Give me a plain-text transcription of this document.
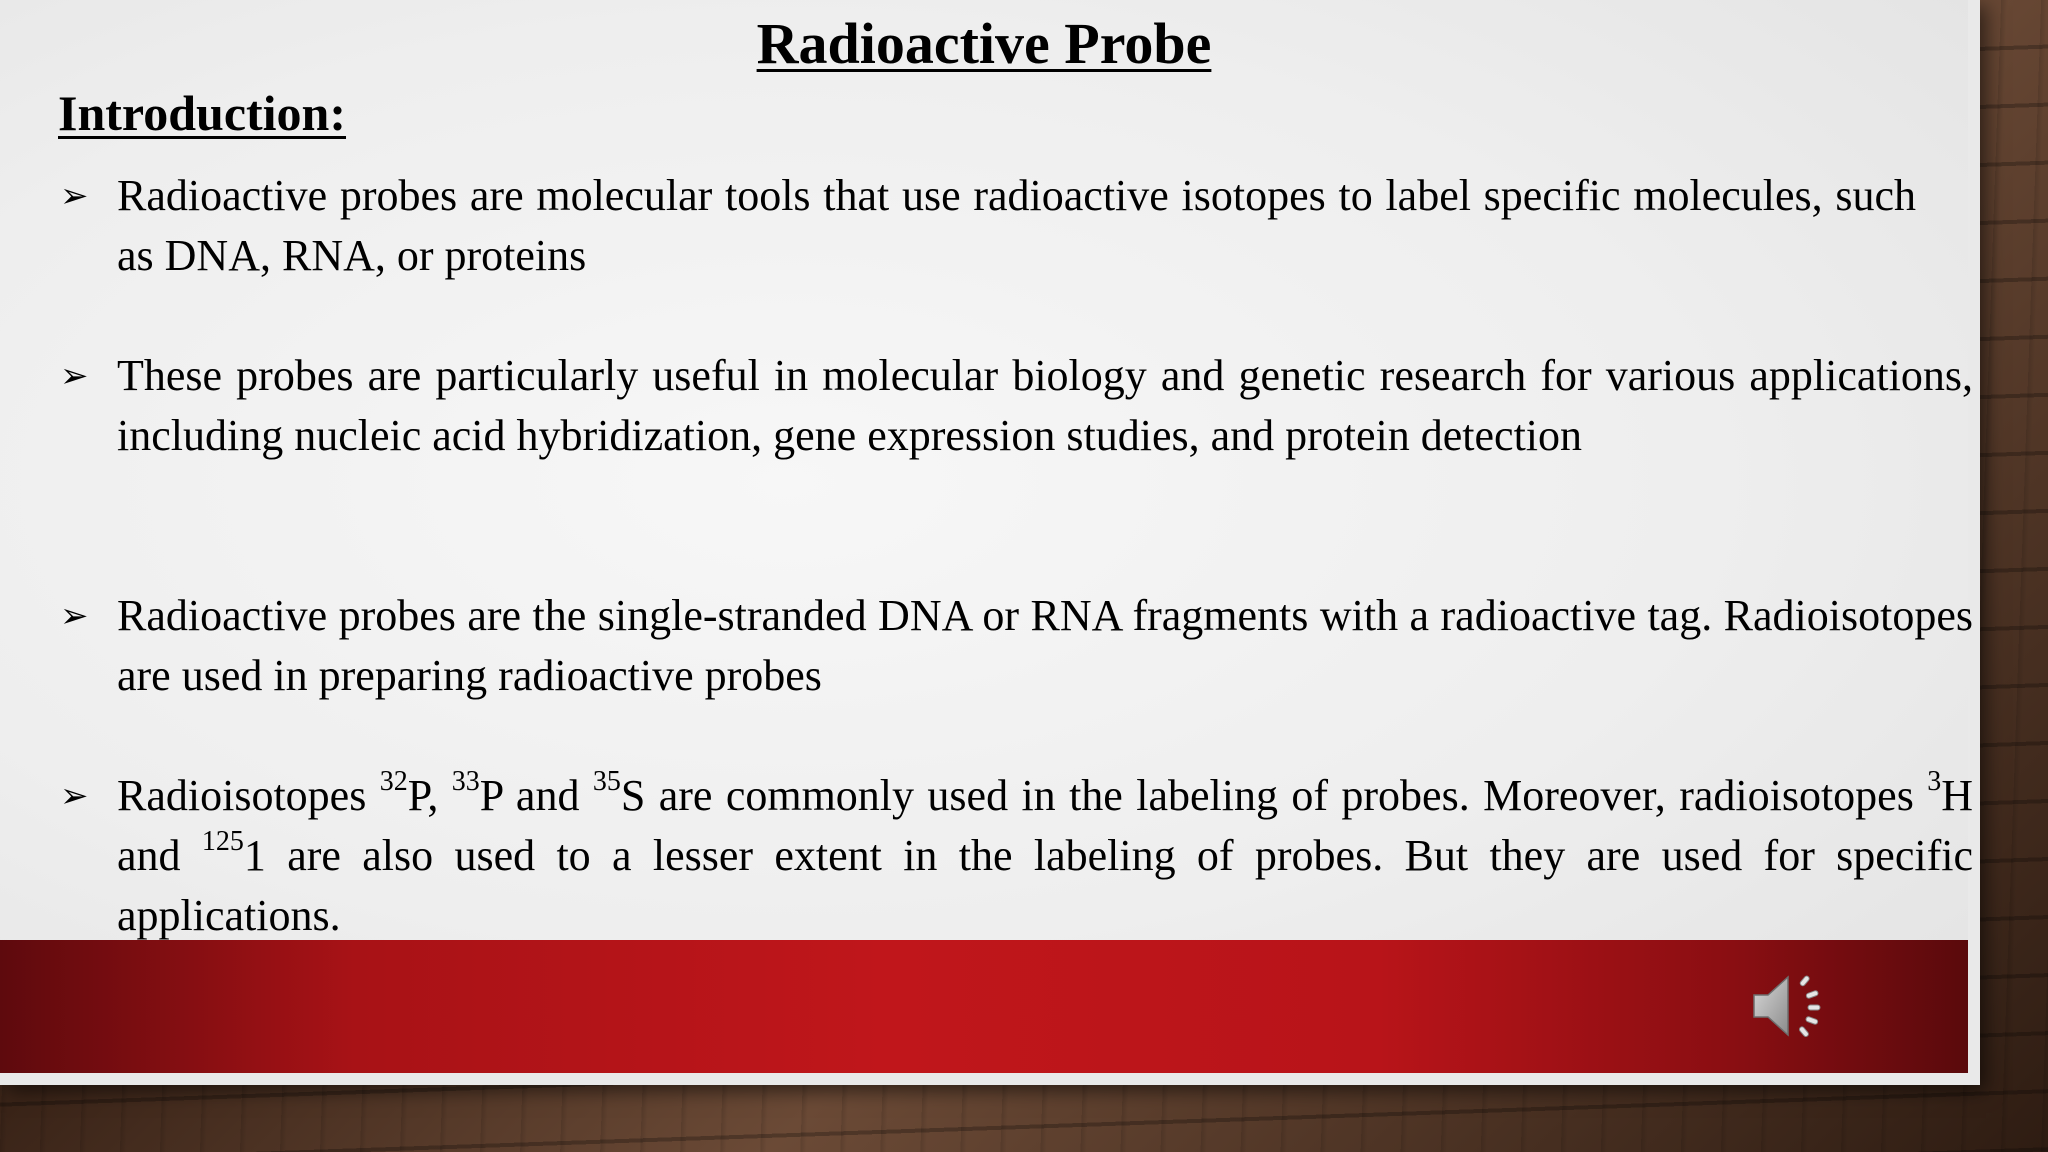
Radioactive Probe
Introduction:
➢ Radioactive probes are molecular tools that use radioactive isotopes to label specific molecules, such as DNA, RNA, or proteins
➢ These probes are particularly useful in molecular biology and genetic research for various applications, including nucleic acid hybridization, gene expression studies, and protein detection
➢ Radioactive probes are the single-stranded DNA or RNA fragments with a radioactive tag. Radioisotopes are used in preparing radioactive probes
➢ Radioisotopes $^{32}$P, $^{33}$P and $^{35}$S are commonly used in the labeling of probes. Moreover, radioisotopes $^3$H and $^{125}$1 are also used to a lesser extent in the labeling of probes. But they are used for specific applications.
